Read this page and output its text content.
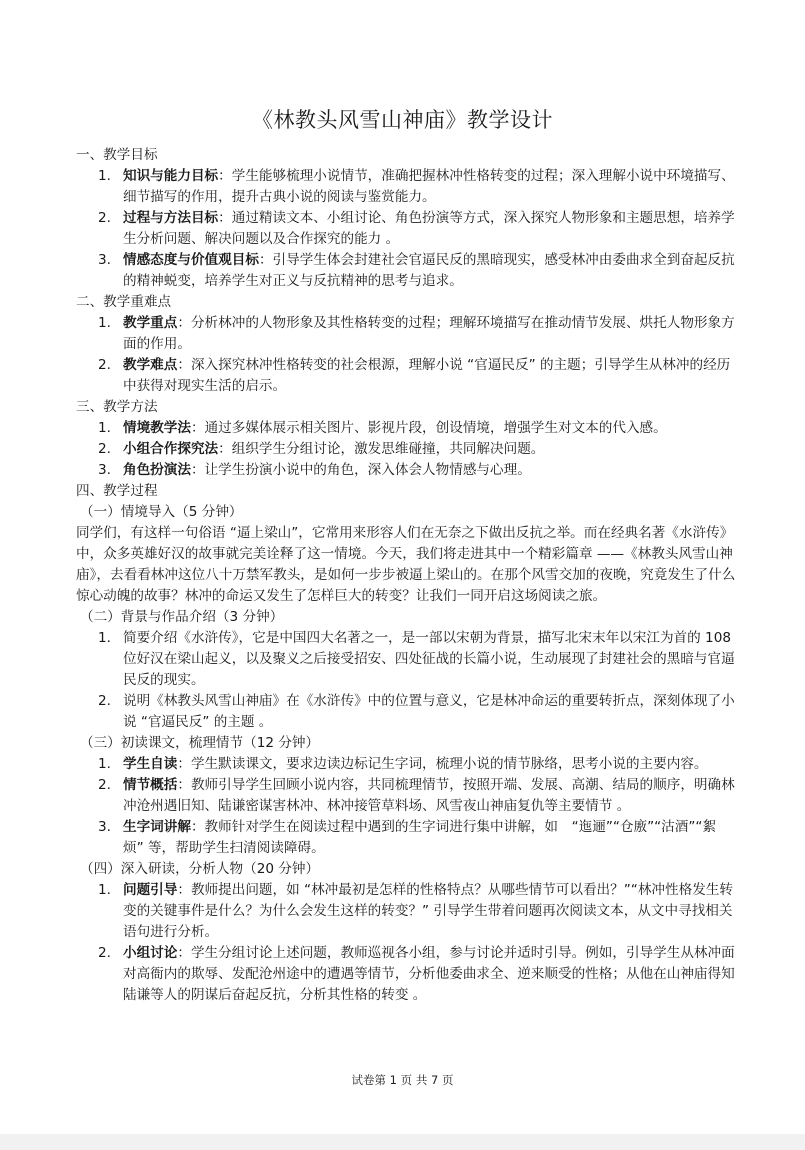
《林教头风雪山神庙》教学设计

一、教学目标

1. 知识与能力目标：学生能够梳理小说情节，准确把握林冲性格转变的过程；深入理解小说中环境描写、细节描写的作用，提升古典小说的阅读与鉴赏能力。
2. 过程与方法目标：通过精读文本、小组讨论、角色扮演等方式，深入探究人物形象和主题思想，培养学生分析问题、解决问题以及合作探究的能力 。
3. 情感态度与价值观目标：引导学生体会封建社会官逼民反的黑暗现实，感受林冲由委曲求全到奋起反抗的精神蜕变，培养学生对正义与反抗精神的思考与追求。

二、教学重难点

1. 教学重点：分析林冲的人物形象及其性格转变的过程；理解环境描写在推动情节发展、烘托人物形象方面的作用。
2. 教学难点：深入探究林冲性格转变的社会根源，理解小说 “官逼民反” 的主题；引导学生从林冲的经历中获得对现实生活的启示。

三、教学方法

1. 情境教学法：通过多媒体展示相关图片、影视片段，创设情境，增强学生对文本的代入感。
2. 小组合作探究法：组织学生分组讨论，激发思维碰撞，共同解决问题。
3. 角色扮演法：让学生扮演小说中的角色，深入体会人物情感与心理。

四、教学过程

（一）情境导入（5 分钟）

同学们，有这样一句俗语 “逼上梁山”，它常用来形容人们在无奈之下做出反抗之举。而在经典名著《水浒传》中，众多英雄好汉的故事就完美诠释了这一情境。今天，我们将走进其中一个精彩篇章 ——《林教头风雪山神庙》，去看看林冲这位八十万禁军教头，是如何一步步被逼上梁山的。在那个风雪交加的夜晚，究竟发生了什么惊心动魄的故事？林冲的命运又发生了怎样巨大的转变？让我们一同开启这场阅读之旅。

（二）背景与作品介绍（3 分钟）

1. 简要介绍《水浒传》，它是中国四大名著之一，是一部以宋朝为背景，描写北宋末年以宋江为首的 108 位好汉在梁山起义，以及聚义之后接受招安、四处征战的长篇小说，生动展现了封建社会的黑暗与官逼民反的现实。
2. 说明《林教头风雪山神庙》在《水浒传》中的位置与意义，它是林冲命运的重要转折点，深刻体现了小说 “官逼民反” 的主题 。

（三）初读课文，梳理情节（12 分钟）

1. 学生自读：学生默读课文，要求边读边标记生字词，梳理小说的情节脉络，思考小说的主要内容。
2. 情节概括：教师引导学生回顾小说内容，共同梳理情节，按照开端、发展、高潮、结局的顺序，明确林冲沧州遇旧知、陆谦密谋害林冲、林冲接管草料场、风雪夜山神庙复仇等主要情节 。
3. 生字词讲解：教师针对学生在阅读过程中遇到的生字词进行集中讲解，如　“迤逦”“仓廒”“沽酒”“絮烦” 等，帮助学生扫清阅读障碍。

（四）深入研读，分析人物（20 分钟）

1. 问题引导：教师提出问题，如 “林冲最初是怎样的性格特点？从哪些情节可以看出？”“林冲性格发生转变的关键事件是什么？为什么会发生这样的转变？” 引导学生带着问题再次阅读文本，从文中寻找相关语句进行分析。
2. 小组讨论：学生分组讨论上述问题，教师巡视各小组，参与讨论并适时引导。例如，引导学生从林冲面对高衙内的欺辱、发配沧州途中的遭遇等情节，分析他委曲求全、逆来顺受的性格；从他在山神庙得知陆谦等人的阴谋后奋起反抗，分析其性格的转变 。
试卷第 1 页 共 7 页
